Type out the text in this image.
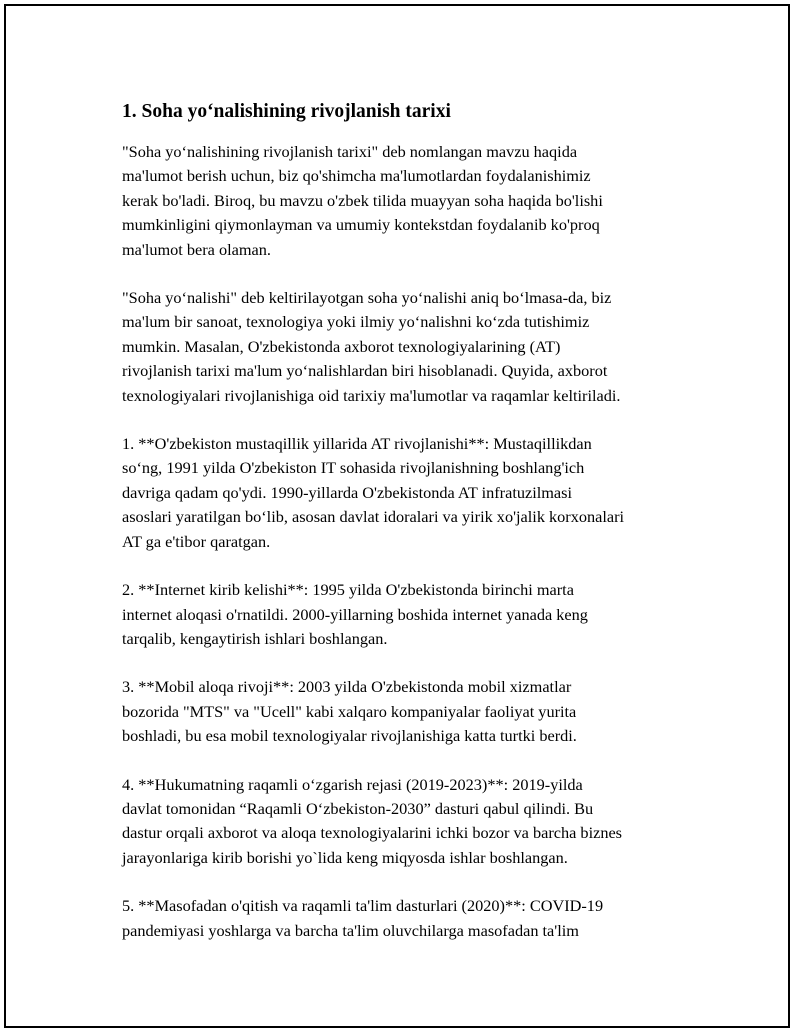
1. Soha yo‘nalishining rivojlanish tarixi

"Soha yo‘nalishining rivojlanish tarixi" deb nomlangan mavzu haqida
ma'lumot berish uchun, biz qo'shimcha ma'lumotlardan foydalanishimiz
kerak bo'ladi. Biroq, bu mavzu o'zbek tilida muayyan soha haqida bo'lishi
mumkinligini qiymonlayman va umumiy kontekstdan foydalanib ko'proq
ma'lumot bera olaman.

"Soha yo‘nalishi" deb keltirilayotgan soha yo‘nalishi aniq bo‘lmasa-da, biz
ma'lum bir sanoat, texnologiya yoki ilmiy yo‘nalishni ko‘zda tutishimiz
mumkin. Masalan, O'zbekistonda axborot texnologiyalarining (AT)
rivojlanish tarixi ma'lum yo‘nalishlardan biri hisoblanadi. Quyida, axborot
texnologiyalari rivojlanishiga oid tarixiy ma'lumotlar va raqamlar keltiriladi.

1. **O'zbekiston mustaqillik yillarida AT rivojlanishi**: Mustaqillikdan
so‘ng, 1991 yilda O'zbekiston IT sohasida rivojlanishning boshlang'ich
davriga qadam qo'ydi. 1990-yillarda O'zbekistonda AT infratuzilmasi
asoslari yaratilgan bo‘lib, asosan davlat idoralari va yirik xo'jalik korxonalari
AT ga e'tibor qaratgan.

2. **Internet kirib kelishi**: 1995 yilda O'zbekistonda birinchi marta
internet aloqasi o'rnatildi. 2000-yillarning boshida internet yanada keng
tarqalib, kengaytirish ishlari boshlangan.

3. **Mobil aloqa rivoji**: 2003 yilda O'zbekistonda mobil xizmatlar
bozorida "MTS" va "Ucell" kabi xalqaro kompaniyalar faoliyat yurita
boshladi, bu esa mobil texnologiyalar rivojlanishiga katta turtki berdi.

4. **Hukumatning raqamli o‘zgarish rejasi (2019-2023)**: 2019-yilda
davlat tomonidan “Raqamli O‘zbekiston-2030” dasturi qabul qilindi. Bu
dastur orqali axborot va aloqa texnologiyalarini ichki bozor va barcha biznes
jarayonlariga kirib borishi yo`lida keng miqyosda ishlar boshlangan.

5. **Masofadan o'qitish va raqamli ta'lim dasturlari (2020)**: COVID-19
pandemiyasi yoshlarga va barcha ta'lim oluvchilarga masofadan ta'lim
